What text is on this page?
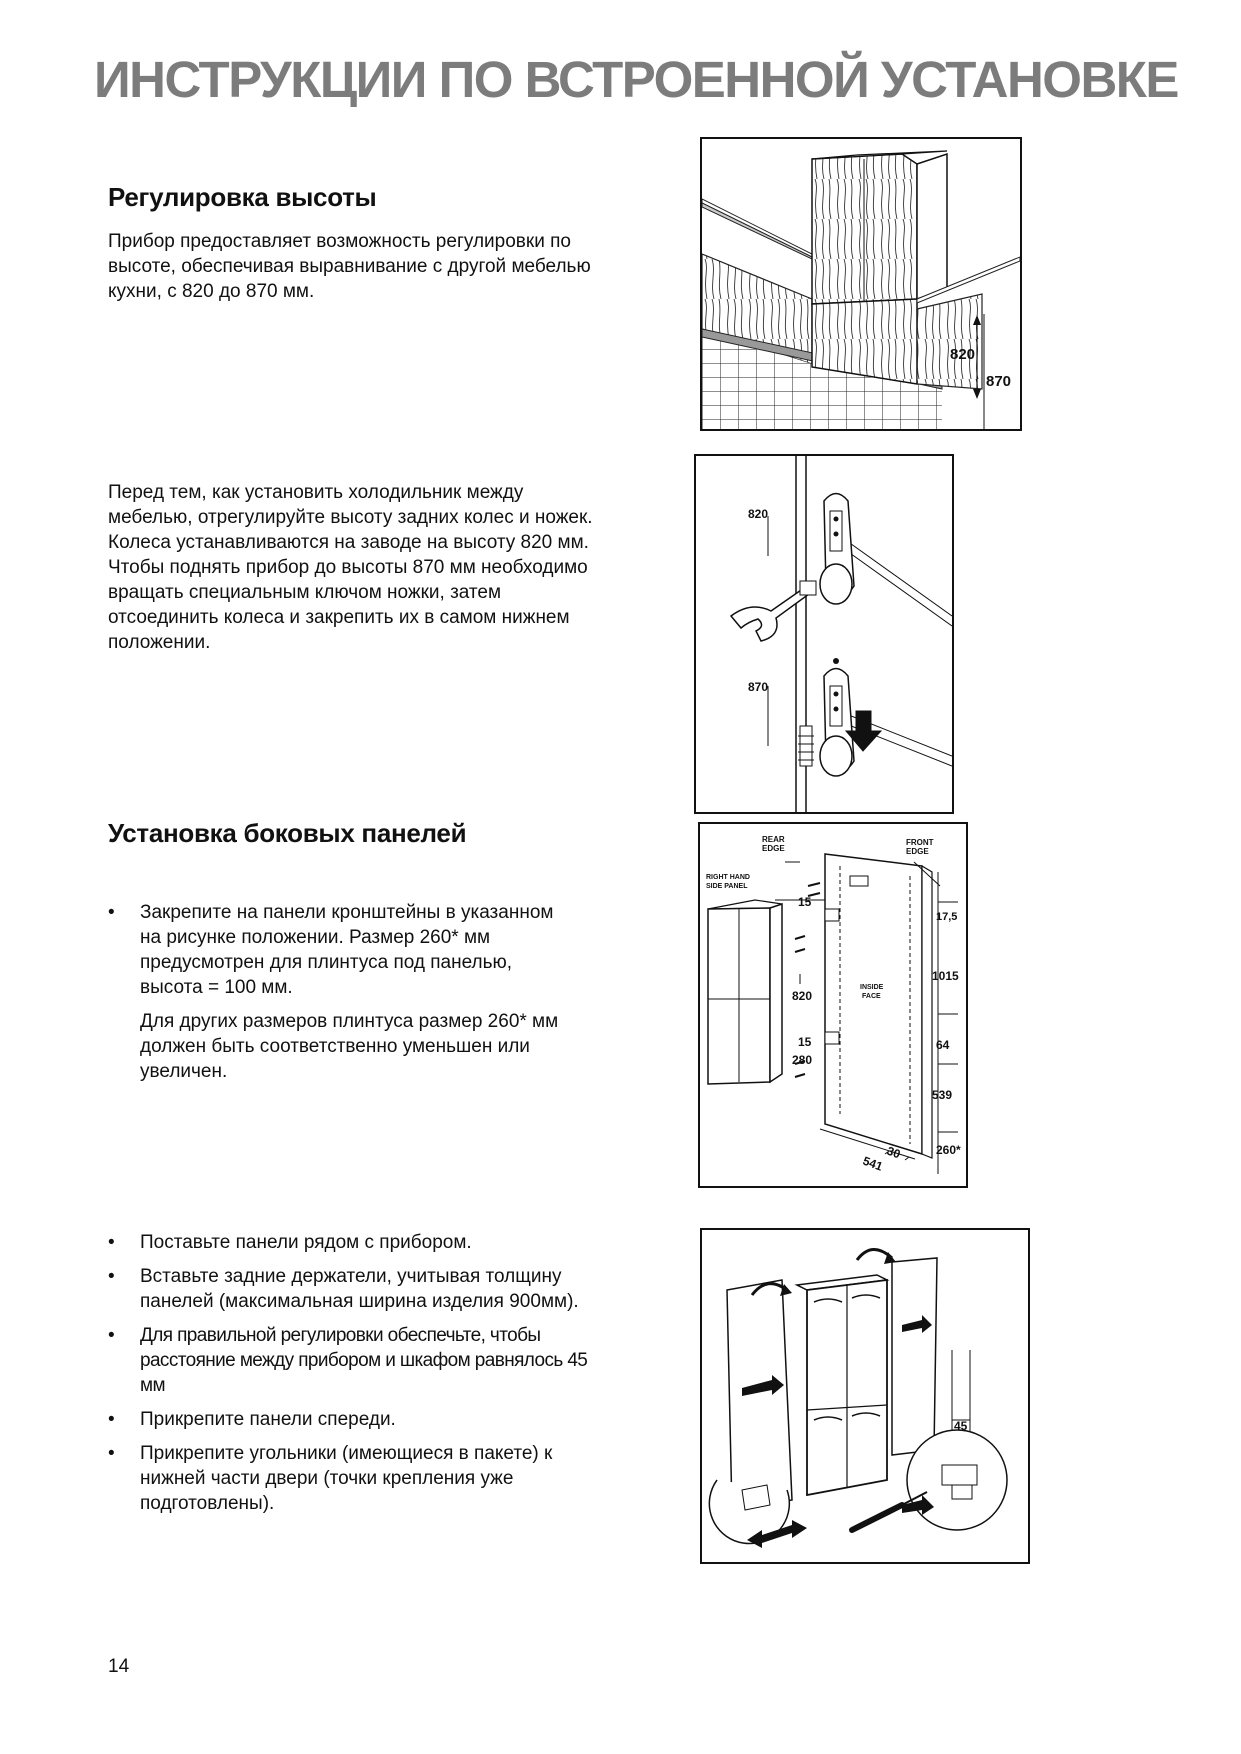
ИНСТРУКЦИИ ПО ВСТРОЕННОЙ УСТАНОВКЕ
Регулировка высоты

Прибор предоставляет возможность регулировки по высоте, обеспечивая выравнивание с другой мебелью кухни, с 820 до 870 мм.

Перед тем, как установить холодильник между мебелью, отрегулируйте высоту задних колес и ножек. Колеса устанавливаются на заводе на высоту 820 мм. Чтобы поднять прибор до высоты 870 мм необходимо вращать специальным ключом ножки, затем отсоединить колеса и закрепить их в самом нижнем положении.

Установка боковых панелей
• Закрепите на панели кронштейны в указанном на рисунке положении. Размер 260* мм предусмотрен для плинтуса под панелью, высота = 100 мм.

Для других размеров плинтуса размер 260* мм должен быть соответственно уменьшен или увеличен.

• Поставьте панели рядом с прибором.
• Вставьте задние держатели, учитывая толщину панелей (максимальная ширина изделия 900мм).
• Для правильной регулировки обеспечьте, чтобы расстояние между прибором и шкафом равнялось 45 мм
• Прикрепите панели спереди.
• Прикрепите угольники (имеющиеся в пакете) к нижней части двери (точки крепления уже подготовлены).
820
870
820
870
REAR
EDGE
FRONT
EDGE
RIGHT HAND
SIDE PANEL
INSIDE
FACE
15
17,5
1015
820
15
280
64
539
30
541
260*
45

14
